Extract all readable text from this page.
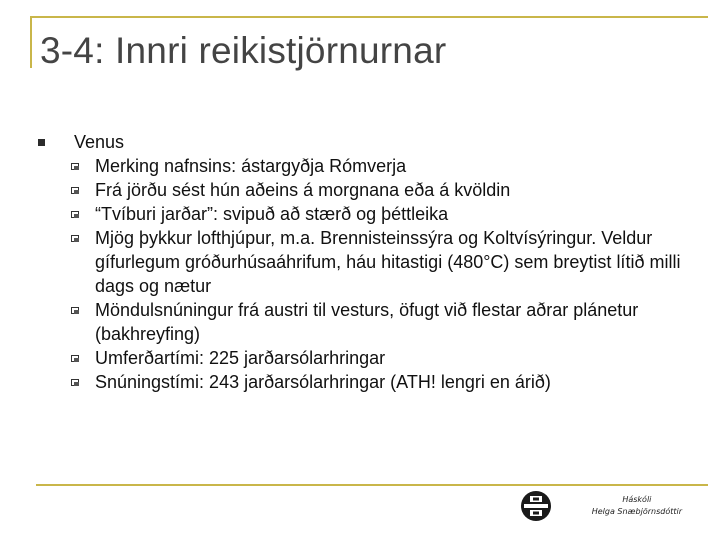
3-4: Innri reikistjörnurnar
Venus
Merking nafnsins: ástargyðja Rómverja
Frá jörðu sést hún aðeins á morgnana eða á kvöldin
“Tvíburi jarðar”: svipuð að stærð og þéttleika
Mjög þykkur lofthjúpur, m.a. Brennisteinssýra og Koltvísýringur. Veldur gífurlegum gróðurhúsaáhrifum, háu hitastigi (480°C) sem breytist lítið milli dags og nætur
Möndulsnúningur frá austri til vesturs, öfugt við flestar aðrar plánetur (bakhreyfing)
Umferðartími: 225 jarðarsólarhringar
Snúningstími: 243 jarðarsólarhringar (ATH! lengri en árið)
Háskóli
Helga Snæbjörnsdóttir
